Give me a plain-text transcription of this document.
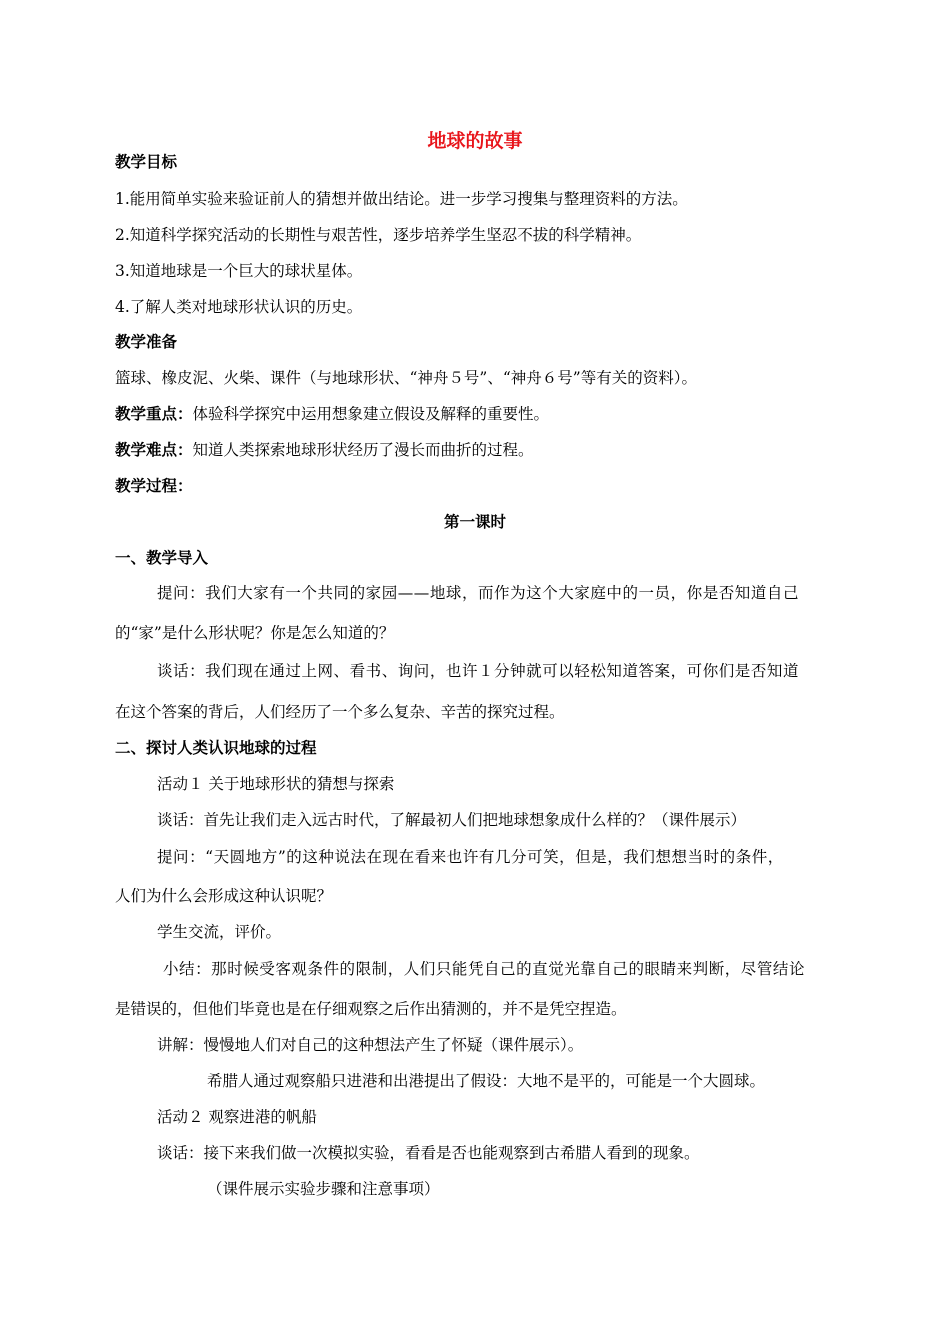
地球的故事
教学目标
1.能用简单实验来验证前人的猜想并做出结论。进一步学习搜集与整理资料的方法。
2.知道科学探究活动的长期性与艰苦性，逐步培养学生坚忍不拔的科学精神。
3.知道地球是一个巨大的球状星体。
4.了解人类对地球形状认识的历史。
教学准备
篮球、橡皮泥、火柴、课件（与地球形状、“神舟５号”、“神舟６号”等有关的资料）。
教学重点：体验科学探究中运用想象建立假设及解释的重要性。
教学难点：知道人类探索地球形状经历了漫长而曲折的过程。
教学过程：
第一课时
一、教学导入
提问：我们大家有一个共同的家园——地球，而作为这个大家庭中的一员，你是否知道自己
的“家”是什么形状呢？你是怎么知道的？
谈话：我们现在通过上网、看书、询问，也许１分钟就可以轻松知道答案，可你们是否知道
在这个答案的背后，人们经历了一个多么复杂、辛苦的探究过程。
二、探讨人类认识地球的过程
活动１ 关于地球形状的猜想与探索
谈话：首先让我们走入远古时代，了解最初人们把地球想象成什么样的？（课件展示）
提问：“天圆地方”的这种说法在现在看来也许有几分可笑，但是，我们想想当时的条件，
人们为什么会形成这种认识呢？
学生交流，评价。
小结：那时候受客观条件的限制，人们只能凭自己的直觉光靠自己的眼睛来判断，尽管结论
是错误的，但他们毕竟也是在仔细观察之后作出猜测的，并不是凭空捏造。
讲解：慢慢地人们对自己的这种想法产生了怀疑（课件展示）。
希腊人通过观察船只进港和出港提出了假设：大地不是平的，可能是一个大圆球。
活动２ 观察进港的帆船
谈话：接下来我们做一次模拟实验，看看是否也能观察到古希腊人看到的现象。
（课件展示实验步骤和注意事项）
